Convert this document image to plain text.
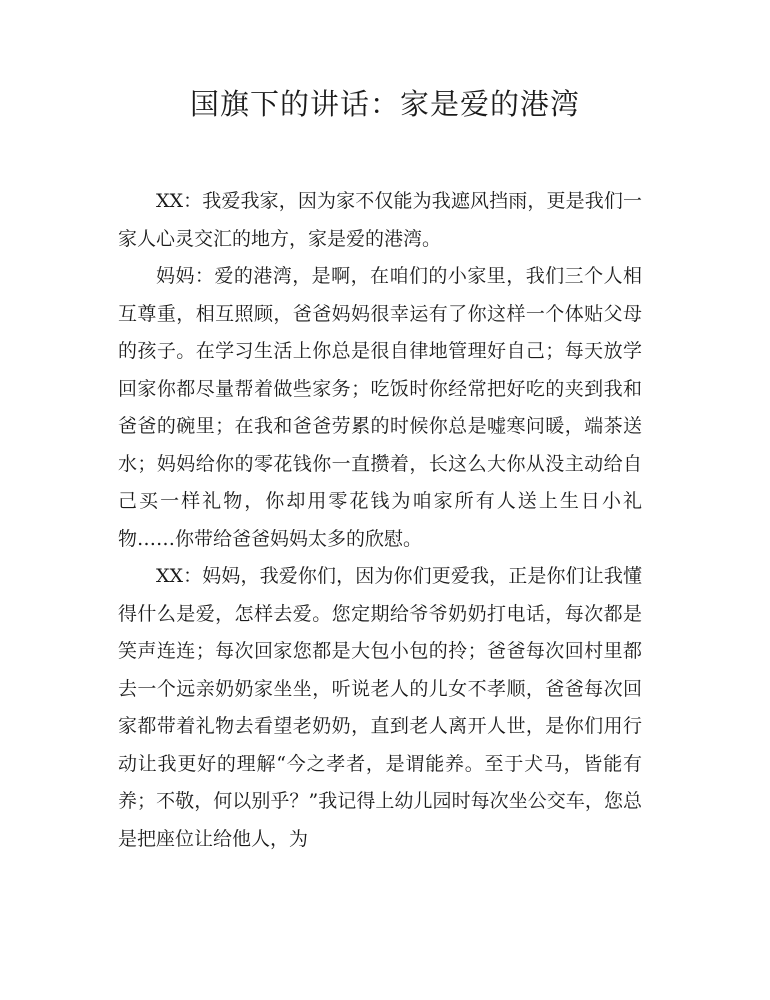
国旗下的讲话：家是爱的港湾

XX：我爱我家，因为家不仅能为我遮风挡雨，更是我们一家人心灵交汇的地方，家是爱的港湾。

妈妈：爱的港湾，是啊，在咱们的小家里，我们三个人相互尊重，相互照顾，爸爸妈妈很幸运有了你这样一个体贴父母的孩子。在学习生活上你总是很自律地管理好自己；每天放学回家你都尽量帮着做些家务；吃饭时你经常把好吃的夹到我和爸爸的碗里；在我和爸爸劳累的时候你总是嘘寒问暖，端茶送水；妈妈给你的零花钱你一直攒着，长这么大你从没主动给自己买一样礼物，你却用零花钱为咱家所有人送上生日小礼物……你带给爸爸妈妈太多的欣慰。

XX：妈妈，我爱你们，因为你们更爱我，正是你们让我懂得什么是爱，怎样去爱。您定期给爷爷奶奶打电话，每次都是笑声连连；每次回家您都是大包小包的拎；爸爸每次回村里都去一个远亲奶奶家坐坐，听说老人的儿女不孝顺，爸爸每次回家都带着礼物去看望老奶奶，直到老人离开人世，是你们用行动让我更好的理解“今之孝者，是谓能养。至于犬马，皆能有养；不敬，何以别乎？”我记得上幼儿园时每次坐公交车，您总是把座位让给他人，为
